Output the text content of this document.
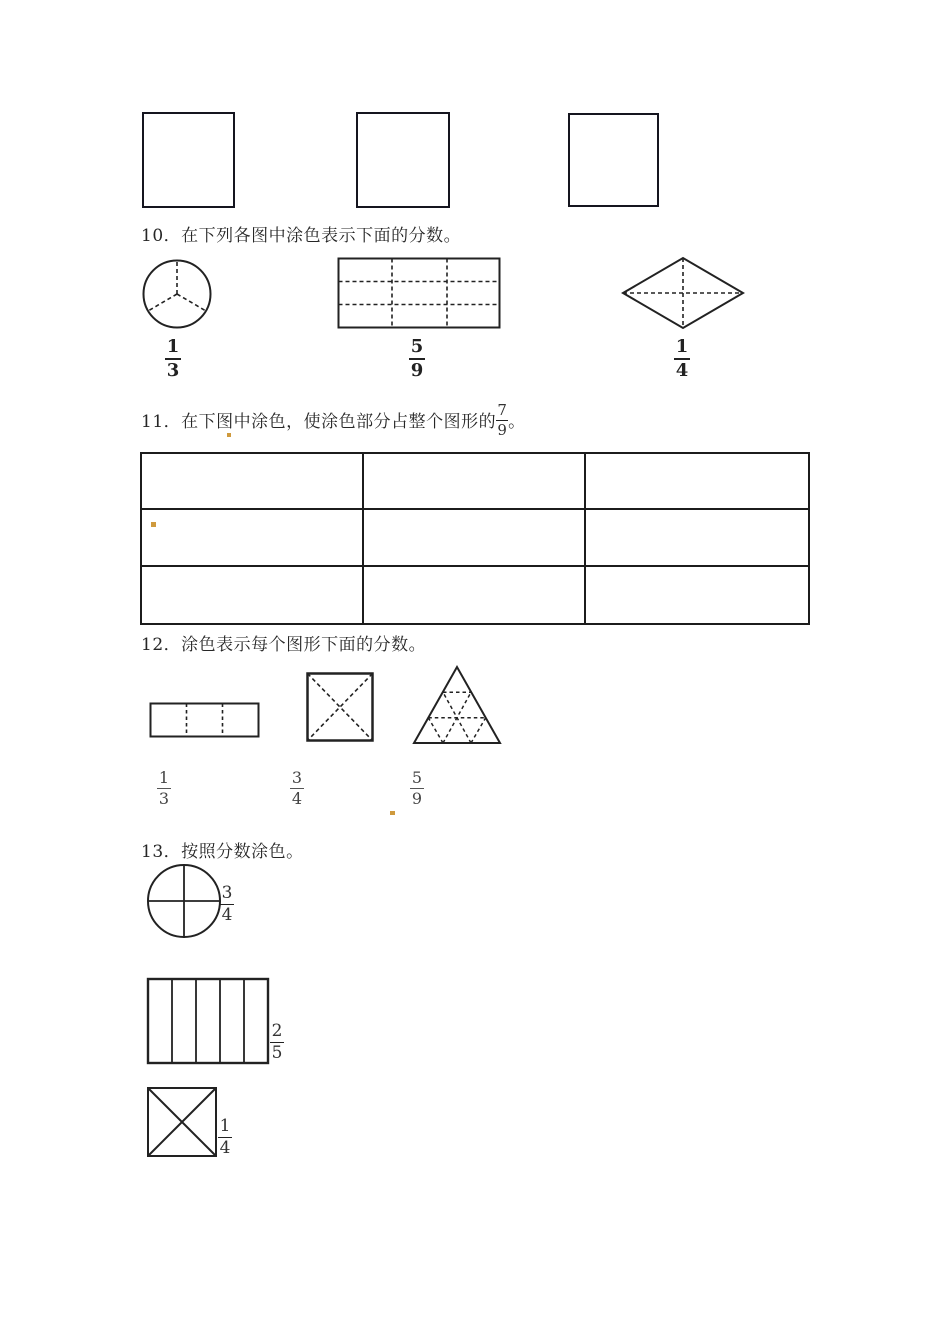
10．在下列各图中涂色表示下面的分数。
1
3
5
9
1
4
11．在下图中涂色，使涂色部分占整个图形的 $\frac{7}{9}$ 。
12．涂色表示每个图形下面的分数。
1
3
3
4
5
9
13．按照分数涂色。
3
4
2
5
1
4
